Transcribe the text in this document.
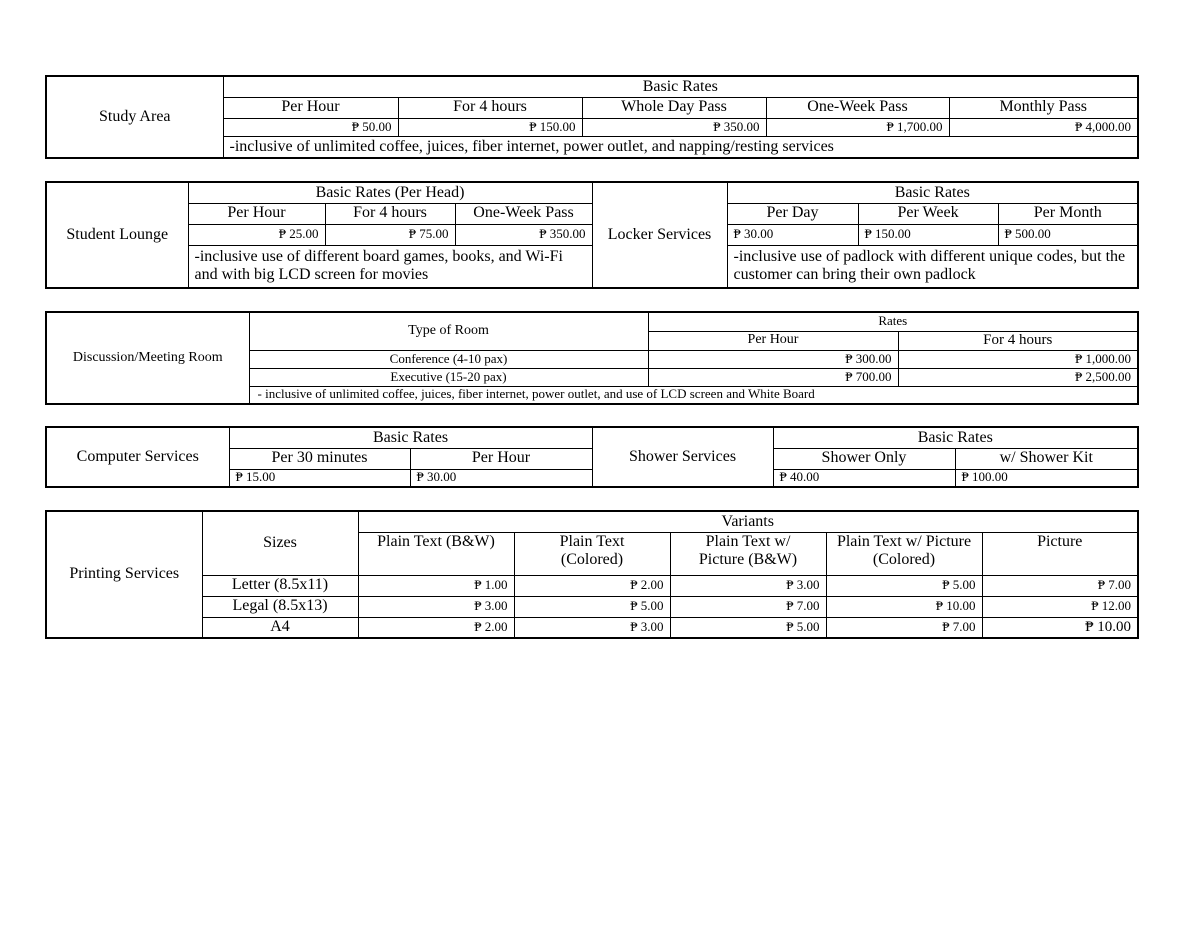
Study Area	Basic Rates				
	Per Hour	For 4 hours	Whole Day Pass	One-Week Pass	Monthly Pass
	₱ 50.00	₱ 150.00	₱ 350.00	₱ 1,700.00	₱ 4,000.00
	-inclusive of unlimited coffee, juices, fiber internet, power outlet, and napping/resting services				
Student Lounge	Basic Rates (Per Head)			Locker Services	Basic Rates		
	Per Hour	For 4 hours	One-Week Pass		Per Day	Per Week	Per Month
	₱ 25.00	₱ 75.00	₱ 350.00		₱ 30.00	₱ 150.00	₱ 500.00
	-inclusive use of different board games, books, and Wi-Fi and with big LCD screen for movies				-inclusive use of padlock with different unique codes, but the customer can bring their own padlock		
Discussion/Meeting Room	Type of Room	Rates	
		Per Hour	For 4 hours
	Conference (4-10 pax)	₱ 300.00	₱ 1,000.00
	Executive (15-20 pax)	₱ 700.00	₱ 2,500.00
	- inclusive of unlimited coffee, juices, fiber internet, power outlet, and use of LCD screen and White Board		
Computer Services	Basic Rates		Shower Services	Basic Rates	
	Per 30 minutes	Per Hour		Shower Only	w/ Shower Kit
	₱ 15.00	₱ 30.00		₱ 40.00	₱ 100.00
Printing Services	Sizes	Variants				
		Plain Text (B&W)	Plain Text (Colored)	Plain Text w/ Picture (B&W)	Plain Text w/ Picture (Colored)	Picture
	Letter (8.5x11)	₱ 1.00	₱ 2.00	₱ 3.00	₱ 5.00	₱ 7.00
	Legal (8.5x13)	₱ 3.00	₱ 5.00	₱ 7.00	₱ 10.00	₱ 12.00
	A4	₱ 2.00	₱ 3.00	₱ 5.00	₱ 7.00	₱ 10.00
